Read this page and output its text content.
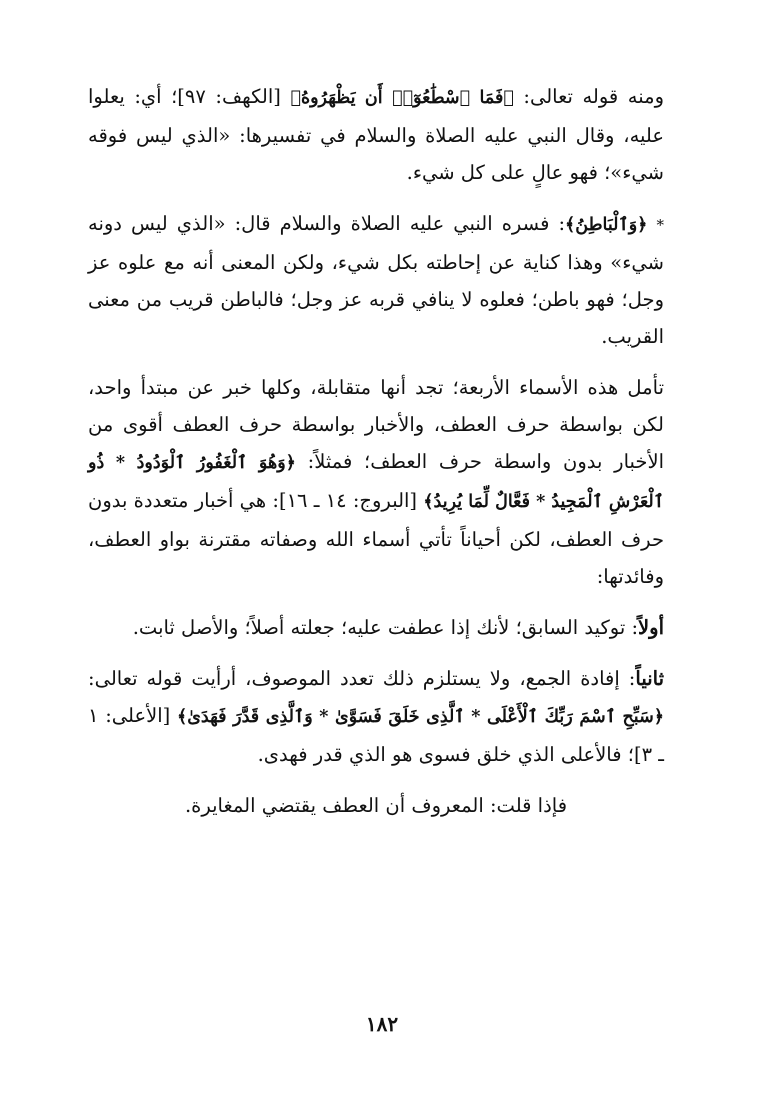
ومنه قوله تعالى: ﴿فَمَا ٱسْطَٰعُوٓا۟ أَن يَظْهَرُوهُ﴾ [الكهف: ٩٧]؛ أي: يعلوا عليه، وقال النبي عليه الصلاة والسلام في تفسيرها: «الذي ليس فوقه شيء»؛ فهو عالٍ على كل شيء.

* ﴿وَٱلْبَاطِنُ﴾: فسره النبي عليه الصلاة والسلام قال: «الذي ليس دونه شيء» وهذا كناية عن إحاطته بكل شيء، ولكن المعنى أنه مع علوه عز وجل؛ فهو باطن؛ فعلوه لا ينافي قربه عز وجل؛ فالباطن قريب من معنى القريب.

تأمل هذه الأسماء الأربعة؛ تجد أنها متقابلة، وكلها خبر عن مبتدأ واحد، لكن بواسطة حرف العطف، والأخبار بواسطة حرف العطف أقوى من الأخبار بدون واسطة حرف العطف؛ فمثلاً: ﴿وَهُوَ ٱلْغَفُورُ ٱلْوَدُودُ * ذُو ٱلْعَرْشِ ٱلْمَجِيدُ * فَعَّالٌ لِّمَا يُرِيدُ﴾ [البروج: ١٤ ـ ١٦]: هي أخبار متعددة بدون حرف العطف، لكن أحياناً تأتي أسماء الله وصفاته مقترنة بواو العطف، وفائدتها:

أولاً: توكيد السابق؛ لأنك إذا عطفت عليه؛ جعلته أصلاً؛ والأصل ثابت.

ثانياً: إفادة الجمع، ولا يستلزم ذلك تعدد الموصوف، أرأيت قوله تعالى: ﴿سَبِّحِ ٱسْمَ رَبِّكَ ٱلْأَعْلَى * ٱلَّذِى خَلَقَ فَسَوَّىٰ * وَٱلَّذِى قَدَّرَ فَهَدَىٰ﴾ [الأعلى: ١ ـ ٣]؛ فالأعلى الذي خلق فسوى هو الذي قدر فهدى.

فإذا قلت: المعروف أن العطف يقتضي المغايرة.

١٨٢
